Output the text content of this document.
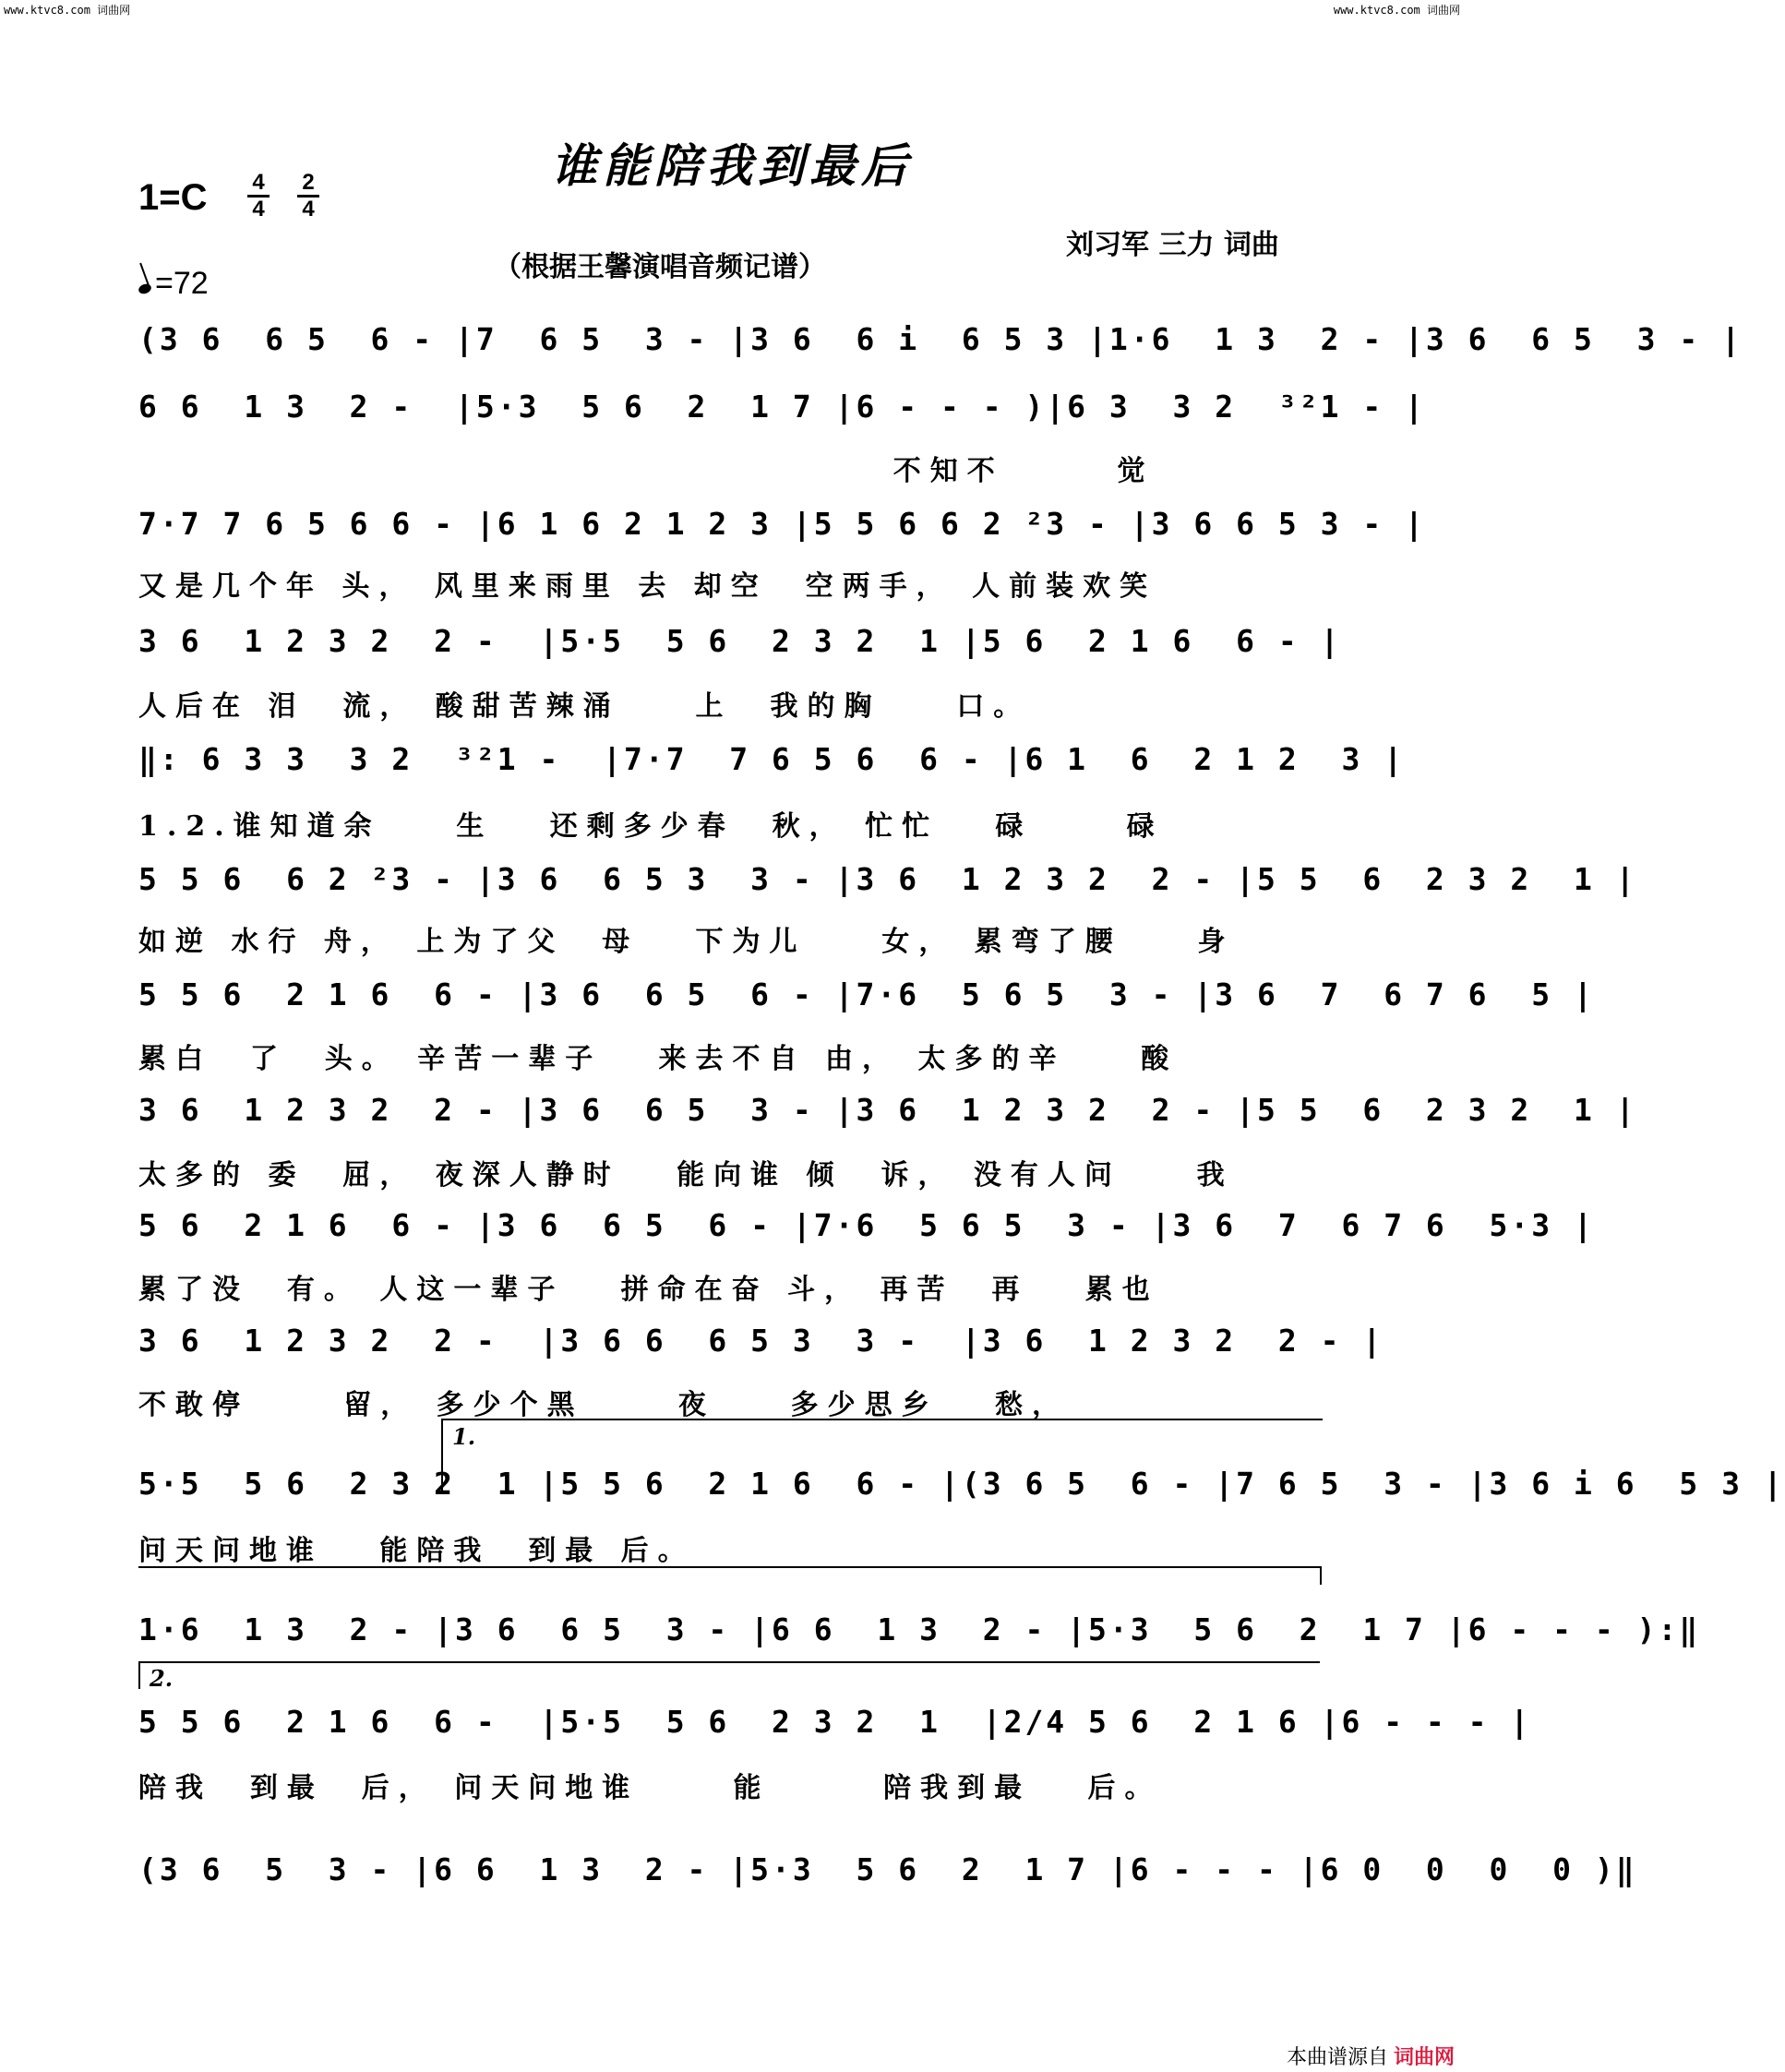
www.ktvc8.com 词曲网	www.ktvc8.com 词曲网
谁能陪我到最后
1=C 4
4
2
4
（根据王馨演唱音频记谱）
刘习军 三力 词曲
=72
(3 6  6 5  6 - |7  6 5  3 - |3 6  6 i  6 5 3 |1·6  1 3  2 - |3 6  6 5  3 - |
6 6  1 3  2 -  |5·3  5 6  2  1 7 |6 - - - )|6 3  3 2  ³²1 - |
不知不      觉
7·7 7 6 5 6 6 - |6 1 6 2 1 2 3 |5 5 6 6 2 ²3 - |3 6 6 5 3 - |
又是几个年 头， 风里来雨里 去 却空  空两手， 人前装欢笑
3 6  1 2 3 2  2 -  |5·5  5 6  2 3 2  1 |5 6  2 1 6  6 - |
人后在 泪  流， 酸甜苦辣涌    上  我的胸    口。
‖: 6 3 3  3 2  ³²1 -  |7·7  7 6 5 6  6 - |6 1  6  2 1 2  3 |
1.2.谁知道余    生   还剩多少春  秋， 忙忙   碌     碌
5 5 6  6 2 ²3 - |3 6  6 5 3  3 - |3 6  1 2 3 2  2 - |5 5  6  2 3 2  1 |
如逆 水行 舟， 上为了父  母   下为儿    女， 累弯了腰    身
5 5 6  2 1 6  6 - |3 6  6 5  6 - |7·6  5 6 5  3 - |3 6  7  6 7 6  5 |
累白  了  头。 辛苦一辈子   来去不自 由， 太多的辛    酸
3 6  1 2 3 2  2 - |3 6  6 5  3 - |3 6  1 2 3 2  2 - |5 5  6  2 3 2  1 |
太多的 委  屈， 夜深人静时   能向谁 倾  诉， 没有人问    我
5 6  2 1 6  6 - |3 6  6 5  6 - |7·6  5 6 5  3 - |3 6  7  6 7 6  5·3 |
累了没  有。 人这一辈子   拼命在奋 斗， 再苦  再   累也
3 6  1 2 3 2  2 -  |3 6 6  6 5 3  3 -  |3 6  1 2 3 2  2 - |
不敢停     留， 多少个黑     夜    多少思乡   愁，
1.
5·5  5 6  2 3 2  1 |5 5 6  2 1 6  6 - |(3 6 5  6 - |7 6 5  3 - |3 6 i 6  5 3 |
问天问地谁   能陪我  到最 后。
1·6  1 3  2 - |3 6  6 5  3 - |6 6  1 3  2 - |5·3  5 6  2  1 7 |6 - - - ):‖
2.
5 5 6  2 1 6  6 -  |5·5  5 6  2 3 2  1  |2/4 5 6  2 1 6 |6 - - - |
陪我  到最  后， 问天问地谁     能      陪我到最   后。
(3 6  5  3 - |6 6  1 3  2 - |5·3  5 6  2  1 7 |6 - - - |6 0  0  0  0 )‖
本曲谱源自 词曲网
